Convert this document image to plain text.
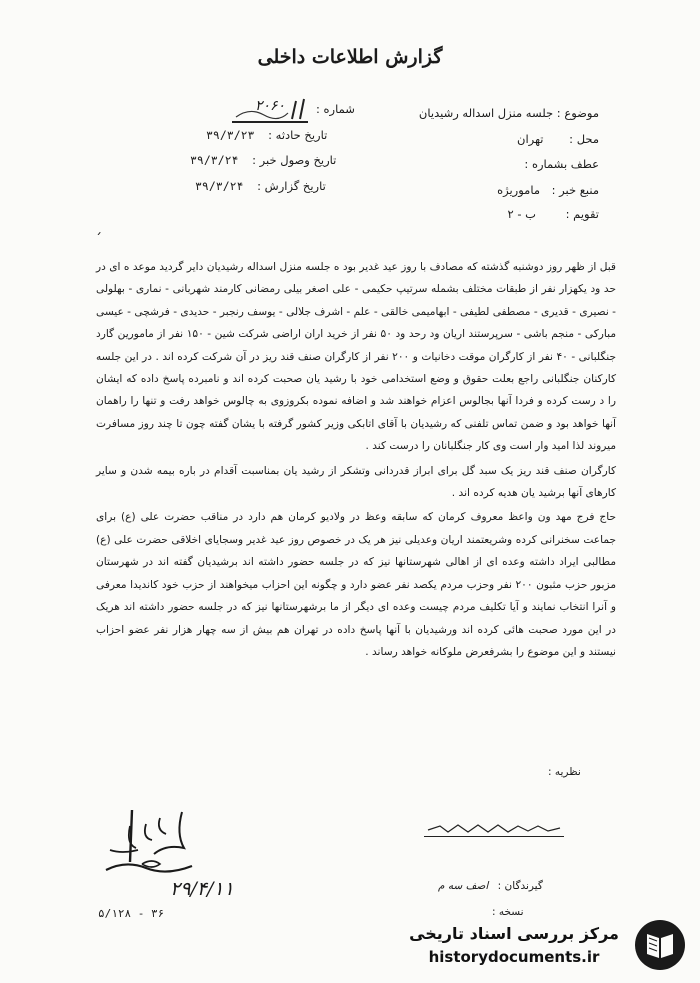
گزارش اطلاعات داخلی
موضوع : جلسه منزل اسداله رشیدیان
محل : تهران
عطف بشماره :
منبع خبر : ماموریژه
تقویم : ب - ۲
شماره :
۲۰۶۰
تاریخ حادثه : ۳۹/۳/۲۳
تاریخ وصول خبر : ۳۹/۳/۲۴
تاریخ گزارش : ۳۹/۳/۲۴
ˊ

قبل از ظهر روز دوشنبه گذشته که مصادف با روز عید غدیر بود ه جلسه منزل اسداله رشیدیان دایر گردید موعد ه ای در حد ود یکهزار نفر از طبقات مختلف بشمله سرتیپ حکیمی - علی اصغر بیلی رمضانی کارمند شهربانی - نماری - بهلولی - نصیری - قدیری - مصطفی لطیفی - ابهامیمی خالقی - علم - اشرف جلالی - یوسف رنجبر - حدیدی - فرشچی - عیسی مبارکی - منجم باشی - سرپرستند اریان ود رحد ود ۵۰ نفر از خرید اران اراضی شرکت شین - ۱۵۰ نفر از مامورین گارد جنگلبانی - ۴۰ نفر از کارگران موقت دخانیات و ۲۰۰ نفر از کارگران صنف قند ریز در آن شرکت کرده اند . در این جلسه کارکنان جنگلبانی راجع بعلت حقوق و وضع استخدامی خود با رشید یان صحبت کرده اند و نامبرده پاسخ داده که ایشان را د رست کرده و فردا آنها بجالوس اعزام خواهند شد و اضافه نموده بکروزوی به چالوس خواهد رفت و تنها را راهمان آنها خواهد بود و ضمن تماس تلفنی که رشیدیان با آقای اتابکی وزیر کشور گرفته با یشان گفته چون تا چند روز مسافرت میروند لذا امید وار است وی کار جنگلبانان را درست کند .

کارگران صنف قند ریز یک سبد گل برای ابراز قدردانی وتشکر از رشید یان بمناسبت آقدام در باره بیمه شدن و سایر کارهای آنها برشید یان هدیه کرده اند .

حاج فرج مهد ون واعظ معروف کرمان که سابقه وعظ در ولادیو کرمان هم دارد در مناقب حضرت علی (ع) برای جماعت سخنرانی کرده وشریعتمند اریان وعدیلی نیز هر یک در خصوص روز عید غدیر وسجایای اخلاقی حضرت علی (ع) مطالبی ایراد داشته وعده ای از اهالی شهرستانها نیز که در جلسه حضور داشته اند برشیدیان گفته اند در شهرستان مزبور حزب مثبون ۲۰۰ نفر وحزب مردم یکصد نفر عضو دارد و چگونه این احزاب میخواهند از حزب خود کاندیدا معرفی و آنرا انتخاب نمایند و آیا تکلیف مردم چیست وعده ای دیگر از ما برشهرستانها نیز که در جلسه حضور داشته اند هریک در این مورد صحبت هائی کرده اند ورشیدیان با آنها پاسخ داده در تهران هم بیش از سه چهار هزار نفر عضو احزاب نیستند و این موضوع را بشرفعرض ملوکانه خواهد رساند .

نظریه :
۲۹/۴/۱۱
۵/۱۲۸ - ۳۶
گیرندگان : اصف سه م
نسخه :
مرکز بررسی اسناد تاریخی
historydocuments.ir
